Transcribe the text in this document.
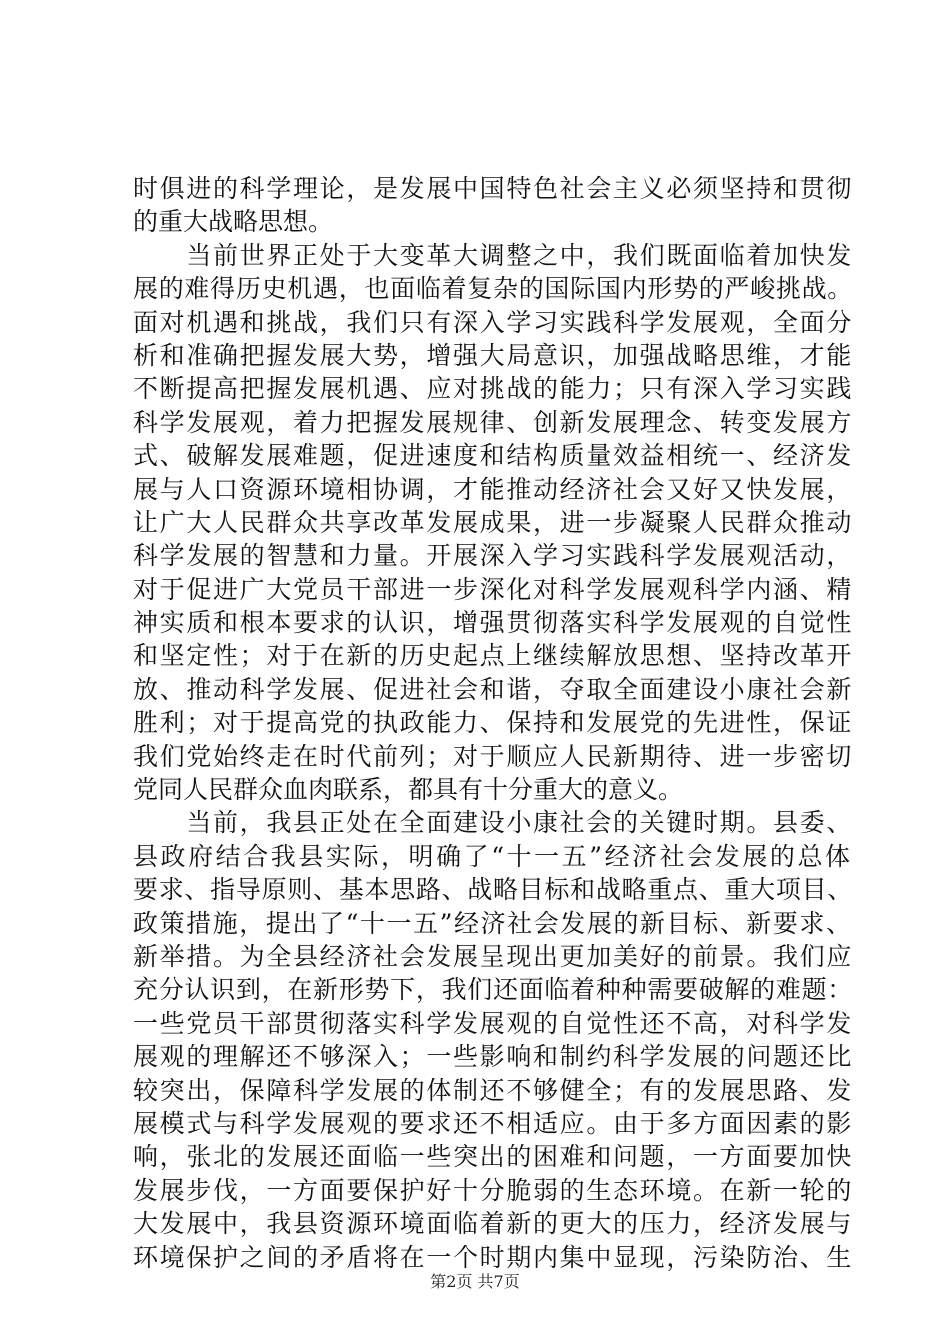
时俱进的科学理论，是发展中国特色社会主义必须坚持和贯彻
的重大战略思想。
　　当前世界正处于大变革大调整之中，我们既面临着加快发
展的难得历史机遇，也面临着复杂的国际国内形势的严峻挑战。
面对机遇和挑战，我们只有深入学习实践科学发展观，全面分
析和准确把握发展大势，增强大局意识，加强战略思维，才能
不断提高把握发展机遇、应对挑战的能力；只有深入学习实践
科学发展观，着力把握发展规律、创新发展理念、转变发展方
式、破解发展难题，促进速度和结构质量效益相统一、经济发
展与人口资源环境相协调，才能推动经济社会又好又快发展，
让广大人民群众共享改革发展成果，进一步凝聚人民群众推动
科学发展的智慧和力量。开展深入学习实践科学发展观活动，
对于促进广大党员干部进一步深化对科学发展观科学内涵、精
神实质和根本要求的认识，增强贯彻落实科学发展观的自觉性
和坚定性；对于在新的历史起点上继续解放思想、坚持改革开
放、推动科学发展、促进社会和谐，夺取全面建设小康社会新
胜利；对于提高党的执政能力、保持和发展党的先进性，保证
我们党始终走在时代前列；对于顺应人民新期待、进一步密切
党同人民群众血肉联系，都具有十分重大的意义。
　　当前，我县正处在全面建设小康社会的关键时期。县委、
县政府结合我县实际，明确了“十一五”经济社会发展的总体
要求、指导原则、基本思路、战略目标和战略重点、重大项目、
政策措施，提出了“十一五”经济社会发展的新目标、新要求、
新举措。为全县经济社会发展呈现出更加美好的前景。我们应
充分认识到，在新形势下，我们还面临着种种需要破解的难题：
一些党员干部贯彻落实科学发展观的自觉性还不高，对科学发
展观的理解还不够深入；一些影响和制约科学发展的问题还比
较突出，保障科学发展的体制还不够健全；有的发展思路、发
展模式与科学发展观的要求还不相适应。由于多方面因素的影
响，张北的发展还面临一些突出的困难和问题，一方面要加快
发展步伐，一方面要保护好十分脆弱的生态环境。在新一轮的
大发展中，我县资源环境面临着新的更大的压力，经济发展与
环境保护之间的矛盾将在一个时期内集中显现，污染防治、生
第2页 共7页
